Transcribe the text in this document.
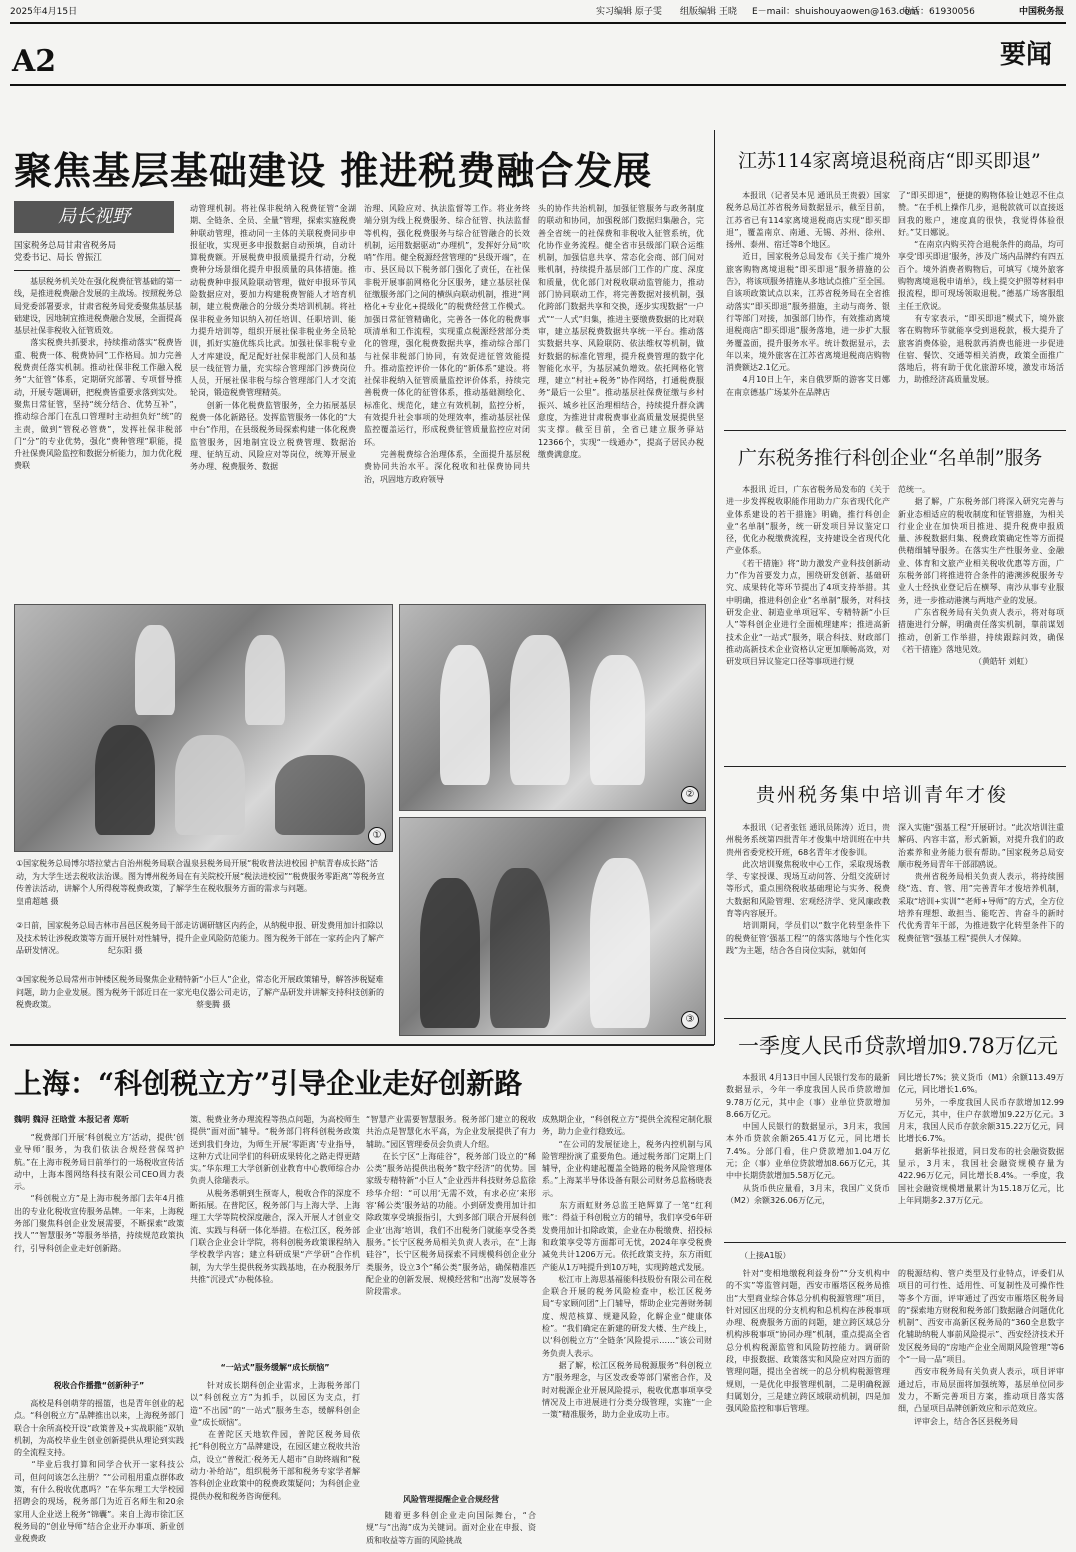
2025年4月15日	实习编辑 原子雯 组版编辑 王晓 E－mail：shuishouyaowen@163.com
电话：61930056	中国税务报
A2	要闻
聚焦基层基础建设 推进税费融合发展
局长视野
国家税务总局甘肃省税务局
党委书记、局长 曾振江
　　基层税务机关处在强化税费征管基础的第一线，是推进税费融合发展的主战场。按照税务总局党委部署要求，甘肃省税务局党委聚焦基层基础建设，因地制宜推进税费融合发展，全面提高基层社保非税收入征管质效。
　　落实税费共抓要求，持续推动落实“税费皆重、税费一体、税费协同”工作格局。加力完善税费责任落实机制。推动社保非税工作融入税务“大征管”体系，定期研究部署、专项督导推动，开展专题调研，把税费皆重要求落到实处。聚焦日常征管，坚持“统分结合、优势互补”，推动综合部门在乱口管理时主动担负好“统”的主责，做到“管税必管费”，发挥社保非税部门“分”的专业优势，强化“费种管理”职能，提升社保费风险监控和数据分析能力，加力优化税费联
动管理机制。将社保非税纳入税费征管“金湖期、全链条、全员、全量”管理，探索实施税费种联动管理，推动同一主体的关联税费同步申报征收，实现更多申报数据自动预填，自动计算税费额。开展税费申报质量提升行动，分税费种分场景细化提升申报质量的具体措施。推动税费种申报风险联动管理，做好申报环节风险数据应对，要加力构建税费智能人才培育机制，建立税费融合的分级分类培训机制。将社保非税业务知识纳入初任培训、任职培训、能力提升培训等，组织开展社保非税业务全员轮训，抓好实施优练兵比武。加强社保非税专业人才库建设，配足配好社保非税部门人员和基层一线征管力量，充实综合管理部门涉费岗位人员，开展社保非税与综合管理部门人才交流轮岗，锻造税费管理精英。
　　创新一体化税费监管服务，全力拓展基层税费一体化新路径。发挥监管服务一体化的“大中台”作用，在县级税务局探索构建一体化税费监管服务，因地制宜设立税费管理、数据治理、征纳互动、风险应对等岗位，统筹开展业务办理、税费服务、数据
治理、风险应对、执法监督等工作。将业务终端分别为线上税费服务、综合征管、执法监督等机构，强化税费服务与综合征管融合的长效机制，运用数据驱动“办理机”，发挥好分局“吹哨”作用。健全税源经营管理的“县级开端”，在市、县区局以下税务部门强化了责任，在社保非税开展事前网格化分区服务，建立基层社保征缴服务部门之间的横纵向联动机制，推进“网格化+专业化+提级化”的税费经营工作模式。加强日常征管精确化，完善各一体化的税费事项清单和工作流程，实现重点税源经营部分类化的管理，强化税费数据共享，推动综合部门与社保非税部门协同，有效促进征管效能提升。推动监控评价一体化的“新体系”建设。将社保非税纳入征管质量监控评价体系，持续完善税费一体化的征管体系，推动基础测绘化、标准化、规范化，建立有效机制，监控分析，有效提升社会事项的处理效率，推动基层社保监控覆盖运行，形成税费征管质量监控应对闭环。
　　完善税费综合治理体系，全面提升基层税费协同共治水平。深化税收和社保费协同共治，巩固地方政府领导
头的协作共治机制，加强征管服务与政务制度的联动和协同，加强税部门数据归集融合，完善全省统一的社保费和非税收入征管系统，优化协作业务流程。健全省市县级部门联合运维机制，加强信息共享、常态化会商、部门间对账机制，持续提升基层部门工作的广度、深度和质量，优化部门对税收联动监管能力，推动部门协同联动工作，将完善数据对接机制，强化跨部门数据共享和交换，逐步实现数据“一户式”“一人式”归集，推进主要缴费数据的比对联审，建立基层税费数据共享统一平台。推动落实数据共享、风险联防、依法维权等机制，做好数据的标准化管理，提升税费管理的数字化智能化水平，为基层减负增效。依托网格化管理，建立“村社+税务”协作网络，打通税费服务“最后一公里”。推动基层社保费征缴与乡村振兴、城乡社区治理相结合，持续提升群众满意度，为推进甘肃税费事业高质量发展提供坚实支撑。截至目前，全省已建立服务驿站12366个，实现“一线通办”，提高子居民办税缴费满意度。
①
②
③
①国家税务总局博尔塔拉蒙古自治州税务局联合温泉县税务局开展“税收普法进校园 护航青春成长路”活动，为大学生送去税收法治课。图为博州税务局在有关院校开展“税法进校园”“税费服务零距离”等税务宣传普法活动，讲解个人所得税等税费政策，了解学生在税收服务方面的需求与问题。　　　　　　　　　　皇甫超越 摄
②日前，国家税务总局吉林市昌邑区税务局干部走访调研辖区内药企，从纳税申报、研发费用加计扣除以及技术转让涉税政策等方面开展针对性辅导，提升企业风险防范能力。图为税务干部在一家药企内了解产品研发情况。　　　　　　纪东阳 摄
③国家税务总局常州市钟楼区税务局聚焦企业精特新“小巨人”企业，常态化开展政策辅导，解答涉税疑难问题，助力企业发展。图为税务干部近日在一家光电仪器公司走访，了解产品研发并讲解支持科技创新的税费政策。　　　　　　　　　　　　　　　　　　蔡斐腾 摄
上海：“科创税立方”引导企业走好创新路
魏明 魏浔 汪晗萱 本报记者 郑昕
　　“税费部门开展‘科创税立方’活动，提供‘创业导师’服务，为我们依法合规经营保驾护航。”在上海市税务局日前举行的一场税收宣传活动中，上海本图网络科技有限公司CEO周力表示。
　　“科创税立方”是上海市税务部门去年4月推出的专业化税收宣传服务品牌。一年来，上海税务部门聚焦科创企业发展需要，不断探索“政策找人”“智慧服务”等服务举措，持续规范政策执行，引导科创企业走好创新路。

税收合作播撒“创新种子”
　　高校是科创萌芽的摇篮，也是青年创业的起点。“科创税立方”品牌推出以来，上海税务部门联合十余所高校开设“政策普及+实战职能”双轨机制，为高校毕业生创业创新提供从理论到实践的全流程支持。
　　“毕业后我打算和同学合伙开一家科技公司，但问问该怎么注册？”“公司租用重点群体政策，有什么税收优惠吗？”在华东理工大学校园招聘会的现场，税务部门为近百名师生和20余家用人企业送上税务“锦囊”。来自上海市徐汇区税务局的“创业导师”结合企业开办事项、新业创业税费政
策、税费业务办理流程等热点问题，为高校师生提供“面对面”辅导。“税务部门将科创税务政策送到我们身边，为师生开展‘零距离’专业指导，这种方式让同学们的科研成果转化之路走得更踏实。”华东理工大学创新创业教育中心教师综合办负责人徐瑞表示。
　　从税务悉朝到生预寄人，税收合作的深度不断拓展。在普陀区，税务部门与上海大学、上海理工大学等院校深度融合，深入开展人才创业交流、实践与科研一体化举措。在松江区，税务部门联合企业会计学院，将科创税务政策课程纳入学校教学内容；建立科研成果“产学研”合作机制，为大学生提供税务实践基地，在办税服务厅共推“沉浸式”办税体验。

“一站式”服务缓解“成长烦恼”
　　针对成长期科创企业需求，上海税务部门以“科创税立方”为抓手，以园区为支点，打造“不出园”的“一站式”服务生态，缓解科创企业“成长烦恼”。
　　在普陀区天地软件园，普陀区税务局依托“科创税立方”品牌建设，在园区建立税收共治点，设立“普税汇·税务无人超市”自助终端和“税动力·补给站”，组织税务干部和税务专家学者解答科创企业政策中的税费政策疑问；为科创企业提供办税和税务咨询便利。
“智慧产业需要智慧服务。税务部门建立的税收共治点是智慧化水平高，为企业发展提供了有力辅助。”园区管理委员会负责人介绍。
　　在长宁区“上海硅谷”，税务部门设立的“稀公类”服务站提供出税务“数字经济”的优势。国家级专精特新“小巨人”企业西井科技财务总监徐珍华介绍：“可以用‘无需不效，有求必应’来形容‘稀公类’服务站的功能。小到研发费用加计扣除政策享受填报指引，大到多部门联合开展科创企业‘出海’培训，我们不出税务门就能享受各类服务。”长宁区税务局相关负责人表示，在“上海硅谷”，长宁区税务局探索不同规模科创企业分类服务，设立3个“稀公类”服务站，确保精准匹配企业的创新发展、规模经营和“出海”发展等各阶段需求。

风险管理提醒企业合规经营
　　随着更多科创企业走向国际舞台，“合规”与“出海”成为关键词。面对企业在申报、资质和收益等方面的风险挑战
成熟期企业，“科创税立方”提供全流程定制化服务，助力企业行稳致远。
　　“在公司的发展征途上，税务内控机制与风险管理扮演了重要角色。通过税务部门定期上门辅导，企业构建起覆盖全链路的税务风险管理体系。”上海某半导体设备有限公司财务总监杨晓表示。
　　东方雨虹财务总监王艳辉算了一笔“红利账”：得益于科创税立方的辅导，我们享受6年研发费用加计扣除政策，企业在办税缴费、招投标和政策享受等方面都可无忧，2024年享受税费减免共计1206万元。依托政策支持，东方雨虹产能从1万吨提升到10万吨，实现跨越式发展。
　　松江市上海思基福能科技股份有限公司在税企联合开展的税务风险检查中，松江区税务局“专家顾问团”上门辅导，帮助企业完善财务制度、规范核算、规避风险，化解企业“健康体检”。“我们确定在新建的研发大楼、生产线上，以‘科创税立方’‘全链条’风险提示……”该公司财务负责人表示。
　　据了解，松江区税务局税源服务“科创税立方”服务理念，与区发改委等部门紧密合作，及时对税源企业开展风险提示，税收优惠事项享受情况及上市进展进行分类分级管理，实施“一企一策”精准服务，助力企业成功上市。
江苏114家离境退税商店“即买即退”
　　本报讯（记者吴本见 通讯员王贵毅）国家税务总局江苏省税务局数据显示，截至目前，江苏省已有114家离境退税商店实现“即买即退”，覆盖南京、南通、无锡、苏州、徐州、扬州、泰州、宿迁等8个地区。
　　近日，国家税务总局发布《关于推广境外旅客购物离境退税“即买即退”服务措施的公告》，将该项服务措施从多地试点推广至全国。自该项政策试点以来，江苏省税务局在全省推动落实“即买即退”服务措施，主动与商务、银行等部门对接，加强部门协作，有效推动离境退税商店“即买即退”服务落地，进一步扩大服务覆盖面，提升服务水平。统计数据显示，去年以来，境外旅客在江苏省离境退税商店购物消费额达2.1亿元。
　　4月10日上午，来自俄罗斯的游客艾日娜在南京德基广场某外在品牌店
了“即买即退”，便捷的购物体验让她忍不住点赞。“在手机上操作几步，退税款就可以直接返回我的账户，速度真的很快，我觉得体验很好。”艾日娜说。
　　“在南京内购买符合退税条件的商品，均可享受‘即买即退’服务，涉及广场内品牌约有四五百个。境外消费者购物后，可填写《境外旅客购物离境退税申请单》，线上提交护照等材料申报流程，即可现场领取退税。”德基广场客服组主任王欣说。
　　有专家表示，“即买即退”模式下，境外旅客在购物环节就能享受到退税款，极大提升了旅客消费体验，退税款再消费也能进一步促进住宿、餐饮、交通等相关消费，政策全面推广落地后，将有助于优化旅游环境，激发市场活力，助推经济高质量发展。
广东税务推行科创企业“名单制”服务
　　本报讯 近日，广东省税务局发布的《关于进一步发挥税收职能作用助力广东省现代化产业体系建设的若干措施》明确，推行科创企业“名单制”服务，统一研发项目异议鉴定口径，优化办税缴费流程，支持建设全省现代化产业体系。
　　《若干措施》将“助力激发产业科技创新动力”作为首要发力点，围绕研发创新、基础研究、成果转化等环节提出了4项支持举措。其中明确，推进科创企业“名单制”服务，对科技研发企业、制造业单项冠军、专精特新“小巨人”等科创企业进行全面梳理建库；推进高新技术企业“一站式”服务，联合科技、财政部门推动高新技术企业资格认定更加顺畅高效，对研发项目异议鉴定口径等事项进行规
范统一。
　　据了解，广东税务部门将深入研究完善与新业态相适应的税收制度和征管措施，为相关行业企业在加快项目推进、提升税费申报质量、涉税数据归集、税费政策确定性等方面提供精细辅导服务。在落实生产性服务业、金融业、体育和文旅产业相关税收优惠等方面，广东税务部门将推进符合条件的港澳涉税服务专业人士经执业登记后在横琴、南沙从事专业服务，进一步推动港澳与两地产业的发展。
　　广东省税务局有关负责人表示，将对每项措施进行分解，明确责任落实机制，靠前谋划推动，创新工作举措，持续跟踪问效，确保《若干措施》落地见效。
　　　　　　　　　　（黄皓轩 刘虹）
贵州税务集中培训青年才俊
　　本报讯（记者张钰 通讯员陈涛）近日，贵州税务系统第四批青年才俊集中培训班在中共贵州省委党校开班，68名青年才俊参训。
　　此次培训聚焦税收中心工作，采取现场教学、专家授课、现场互动问答、分组交流研讨等形式，重点围绕税收基础理论与实务、税费大数据和风险管理、宏观经济学、党风廉政教育等内容展开。
　　培训期间，学员们以“数字化转型条件下的税费征管‘强基工程’”的落实落地与个性化实践”为主题，结合各自岗位实际，就如何
深入实施“强基工程”开展研讨。“此次培训注重解码、内容丰富，形式新颖，对提升我们的政治素养和业务能力很有帮助。”国家税务总局安顺市税务局青年干部邵鸥说。
　　贵州省税务局相关负责人表示，将持续围绕“选、育、管、用”完善青年才俊培养机制，采取“培训+实训”“老师+导师”的方式，全方位培养有理想、敢担当、能吃苦、肯奋斗的新时代优秀青年干部，为推进数字化转型条件下的税费征管“强基工程”提供人才保障。
一季度人民币贷款增加9.78万亿元
　　本报讯 4月13日中国人民银行发布的最新数据显示，今年一季度我国人民币贷款增加9.78万亿元，其中企（事）业单位贷款增加8.66万亿元。
　　中国人民银行的数据显示，3月末，我国本外币贷款余额265.41万亿元，同比增长7.4%。分部门看，住户贷款增加1.04万亿元；企（事）业单位贷款增加8.66万亿元，其中中长期贷款增加5.58万亿元。
　　从货币供应量看，3月末，我国广义货币（M2）余额326.06万亿元，
同比增长7%；狭义货币（M1）余额113.49万亿元，同比增长1.6%。
　　另外，一季度我国人民币存款增加12.99万亿元，其中，住户存款增加9.22万亿元。3月末，我国人民币存款余额315.22万亿元，同比增长6.7%。
　　据新华社报道，同日发布的社会融资数据显示，3月末，我国社会融资规模存量为422.96万亿元，同比增长8.4%。一季度，我国社会融资规模增量累计为15.18万亿元，比上年同期多2.37万亿元。
（上接A1版）
　　针对“变相地缴税利益身份”“分支机构中的不实”等监管问题，西安市雁塔区税务局推出“大型商业综合体总分机构税源管理”项目，针对园区出现的分支机构和总机构在涉税事项办理、税费服务方面的问题，建立跨区域总分机构涉税事项“协同办理”机制，重点提高全省总分机构税源监管和风险防控能力。调研阶段，申报数据、政策落实和风险应对四方面的管理问题，提出全省统一的总分机构税源管理规则，一是优化申报管理机制，二是明确税源归属划分，三是建立跨区域联动机制，四是加强风险监控和事后管理。
的税源结构、管户类型及行业特点，评委们从项目的可行性、适用性、可复制性及可操作性等多个方面，评审通过了西安市雁塔区税务局的“探索地方财税和税务部门数据融合问题优化机制”、西安市高新区税务局的“360全息数字化辅助纳税人事前风险提示”、西安经济技术开发区税务局的“房地产企业全周期风险管理”等6个“一局一品”项目。
　　西安市税务局有关负责人表示，项目评审通过后，市局层面将加强统筹，基层单位同步发力，不断完善项目方案，推动项目落实落细，凸显项目品牌创新效应和示范效应。
　　评审会上，结合各区县税务局
